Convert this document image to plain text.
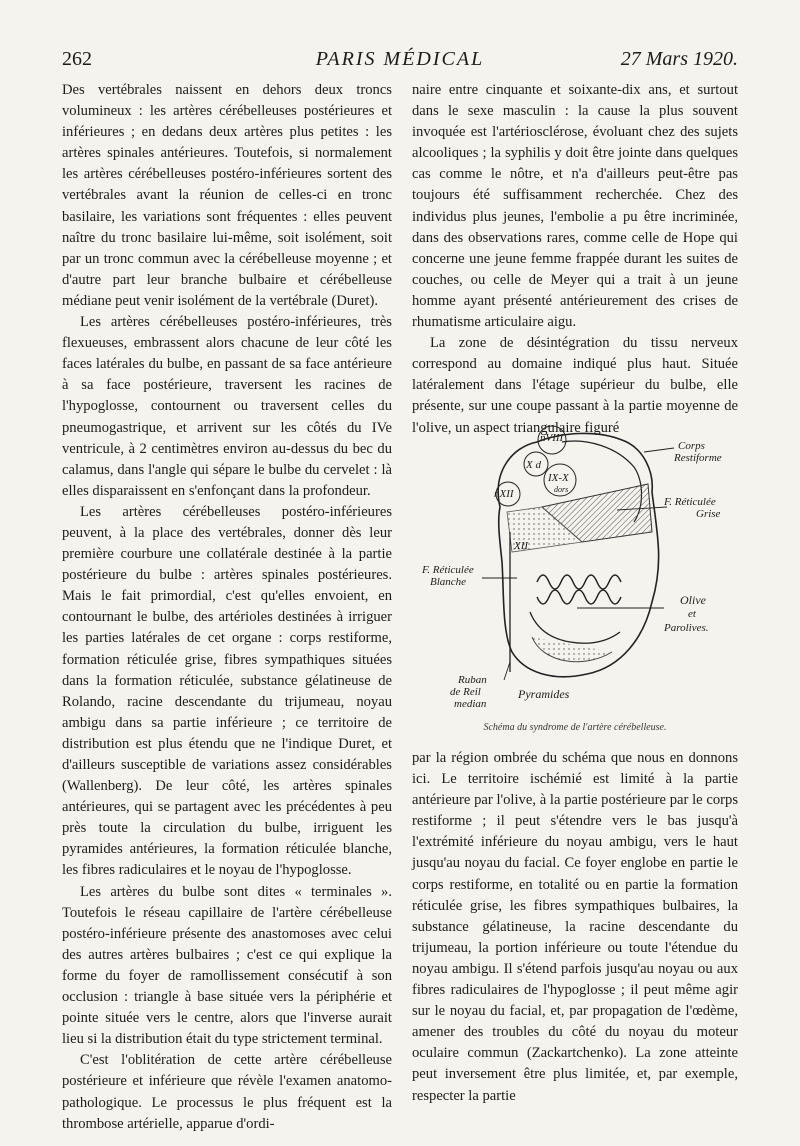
262	PARIS MÉDICAL	27 Mars 1920.

Des vertébrales naissent en dehors deux troncs volumineux : les artères cérébelleuses postérieures et inférieures ; en dedans deux artères plus petites : les artères spinales antérieures. Toutefois, si normalement les artères cérébelleuses postéro-inférieures sortent des vertébrales avant la réunion de celles-ci en tronc basilaire, les variations sont fréquentes : elles peuvent naître du tronc basilaire lui-même, soit isolément, soit par un tronc commun avec la cérébelleuse moyenne ; et d'autre part leur branche bulbaire et cérébelleuse médiane peut venir isolément de la vertébrale (Duret).

Les artères cérébelleuses postéro-inférieures, très flexueuses, embrassent alors chacune de leur côté les faces latérales du bulbe, en passant de sa face antérieure à sa face postérieure, traversent les racines de l'hypoglosse, contournent ou traversent celles du pneumogastrique, et arrivent sur les côtés du IVe ventricule, à 2 centimètres environ au-dessus du bec du calamus, dans l'angle qui sépare le bulbe du cervelet : là elles disparaissent en s'enfonçant dans la profondeur.

Les artères cérébelleuses postéro-inférieures peuvent, à la place des vertébrales, donner dès leur première courbure une collatérale destinée à la partie postérieure du bulbe : artères spinales postérieures. Mais le fait primordial, c'est qu'elles envoient, en contournant le bulbe, des artérioles destinées à irriguer les parties latérales de cet organe : corps restiforme, formation réticulée grise, fibres sympathiques situées dans la formation réticulée, substance gélatineuse de Rolando, racine descendante du trijumeau, noyau ambigu dans sa partie inférieure ; ce territoire de distribution est plus étendu que ne l'indique Duret, et d'ailleurs susceptible de variations assez considérables (Wallenberg). De leur côté, les artères spinales antérieures, qui se partagent avec les précédentes à peu près toute la circulation du bulbe, irriguent les pyramides antérieures, la formation réticulée blanche, les fibres radiculaires et le noyau de l'hypoglosse.

Les artères du bulbe sont dites « terminales ». Toutefois le réseau capillaire de l'artère cérébelleuse postéro-inférieure présente des anastomoses avec celui des autres artères bulbaires ; c'est ce qui explique la forme du foyer de ramollissement consécutif à son occlusion : triangle à base située vers la périphérie et pointe située vers le centre, alors que l'inverse aurait lieu si la distribution était du type strictement terminal.

C'est l'oblitération de cette artère cérébelleuse postérieure et inférieure que révèle l'examen anatomo-pathologique. Le processus le plus fréquent est la thrombose artérielle, apparue d'ordi-

naire entre cinquante et soixante-dix ans, et surtout dans le sexe masculin : la cause la plus souvent invoquée est l'artériosclérose, évoluant chez des sujets alcooliques ; la syphilis y doit être jointe dans quelques cas comme le nôtre, et n'a d'ailleurs peut-être pas toujours été suffisamment recherchée. Chez des individus plus jeunes, l'embolie a pu être incriminée, dans des observations rares, comme celle de Hope qui concerne une jeune femme frappée durant les suites de couches, ou celle de Meyer qui a trait à un jeune homme ayant présenté antérieurement des crises de rhumatisme articulaire aigu.

La zone de désintégration du tissu nerveux correspond au domaine indiqué plus haut. Située latéralement dans l'étage supérieur du bulbe, elle présente, sur une coupe passant à la partie moyenne de l'olive, un aspect triangulaire figuré

nVIII
X d
IX-X
dors
nXII
XII
Corps
Restiforme
F. Réticulée
Grise
F. Réticulée
Blanche
Olive
et
Parolives.
Ruban
de Reil
median
Pyramides
Schéma du syndrome de l'artère cérébelleuse.

par la région ombrée du schéma que nous en donnons ici. Le territoire ischémié est limité à la partie antérieure par l'olive, à la partie postérieure par le corps restiforme ; il peut s'étendre vers le bas jusqu'à l'extrémité inférieure du noyau ambigu, vers le haut jusqu'au noyau du facial. Ce foyer englobe en partie le corps restiforme, en totalité ou en partie la formation réticulée grise, les fibres sympathiques bulbaires, la substance gélatineuse, la racine descendante du trijumeau, la portion inférieure ou toute l'étendue du noyau ambigu. Il s'étend parfois jusqu'au noyau ou aux fibres radiculaires de l'hypoglosse ; il peut même agir sur le noyau du facial, et, par propagation de l'œdème, amener des troubles du côté du noyau du moteur oculaire commun (Zackartchenko). La zone atteinte peut inversement être plus limitée, et, par exemple, respecter la partie
